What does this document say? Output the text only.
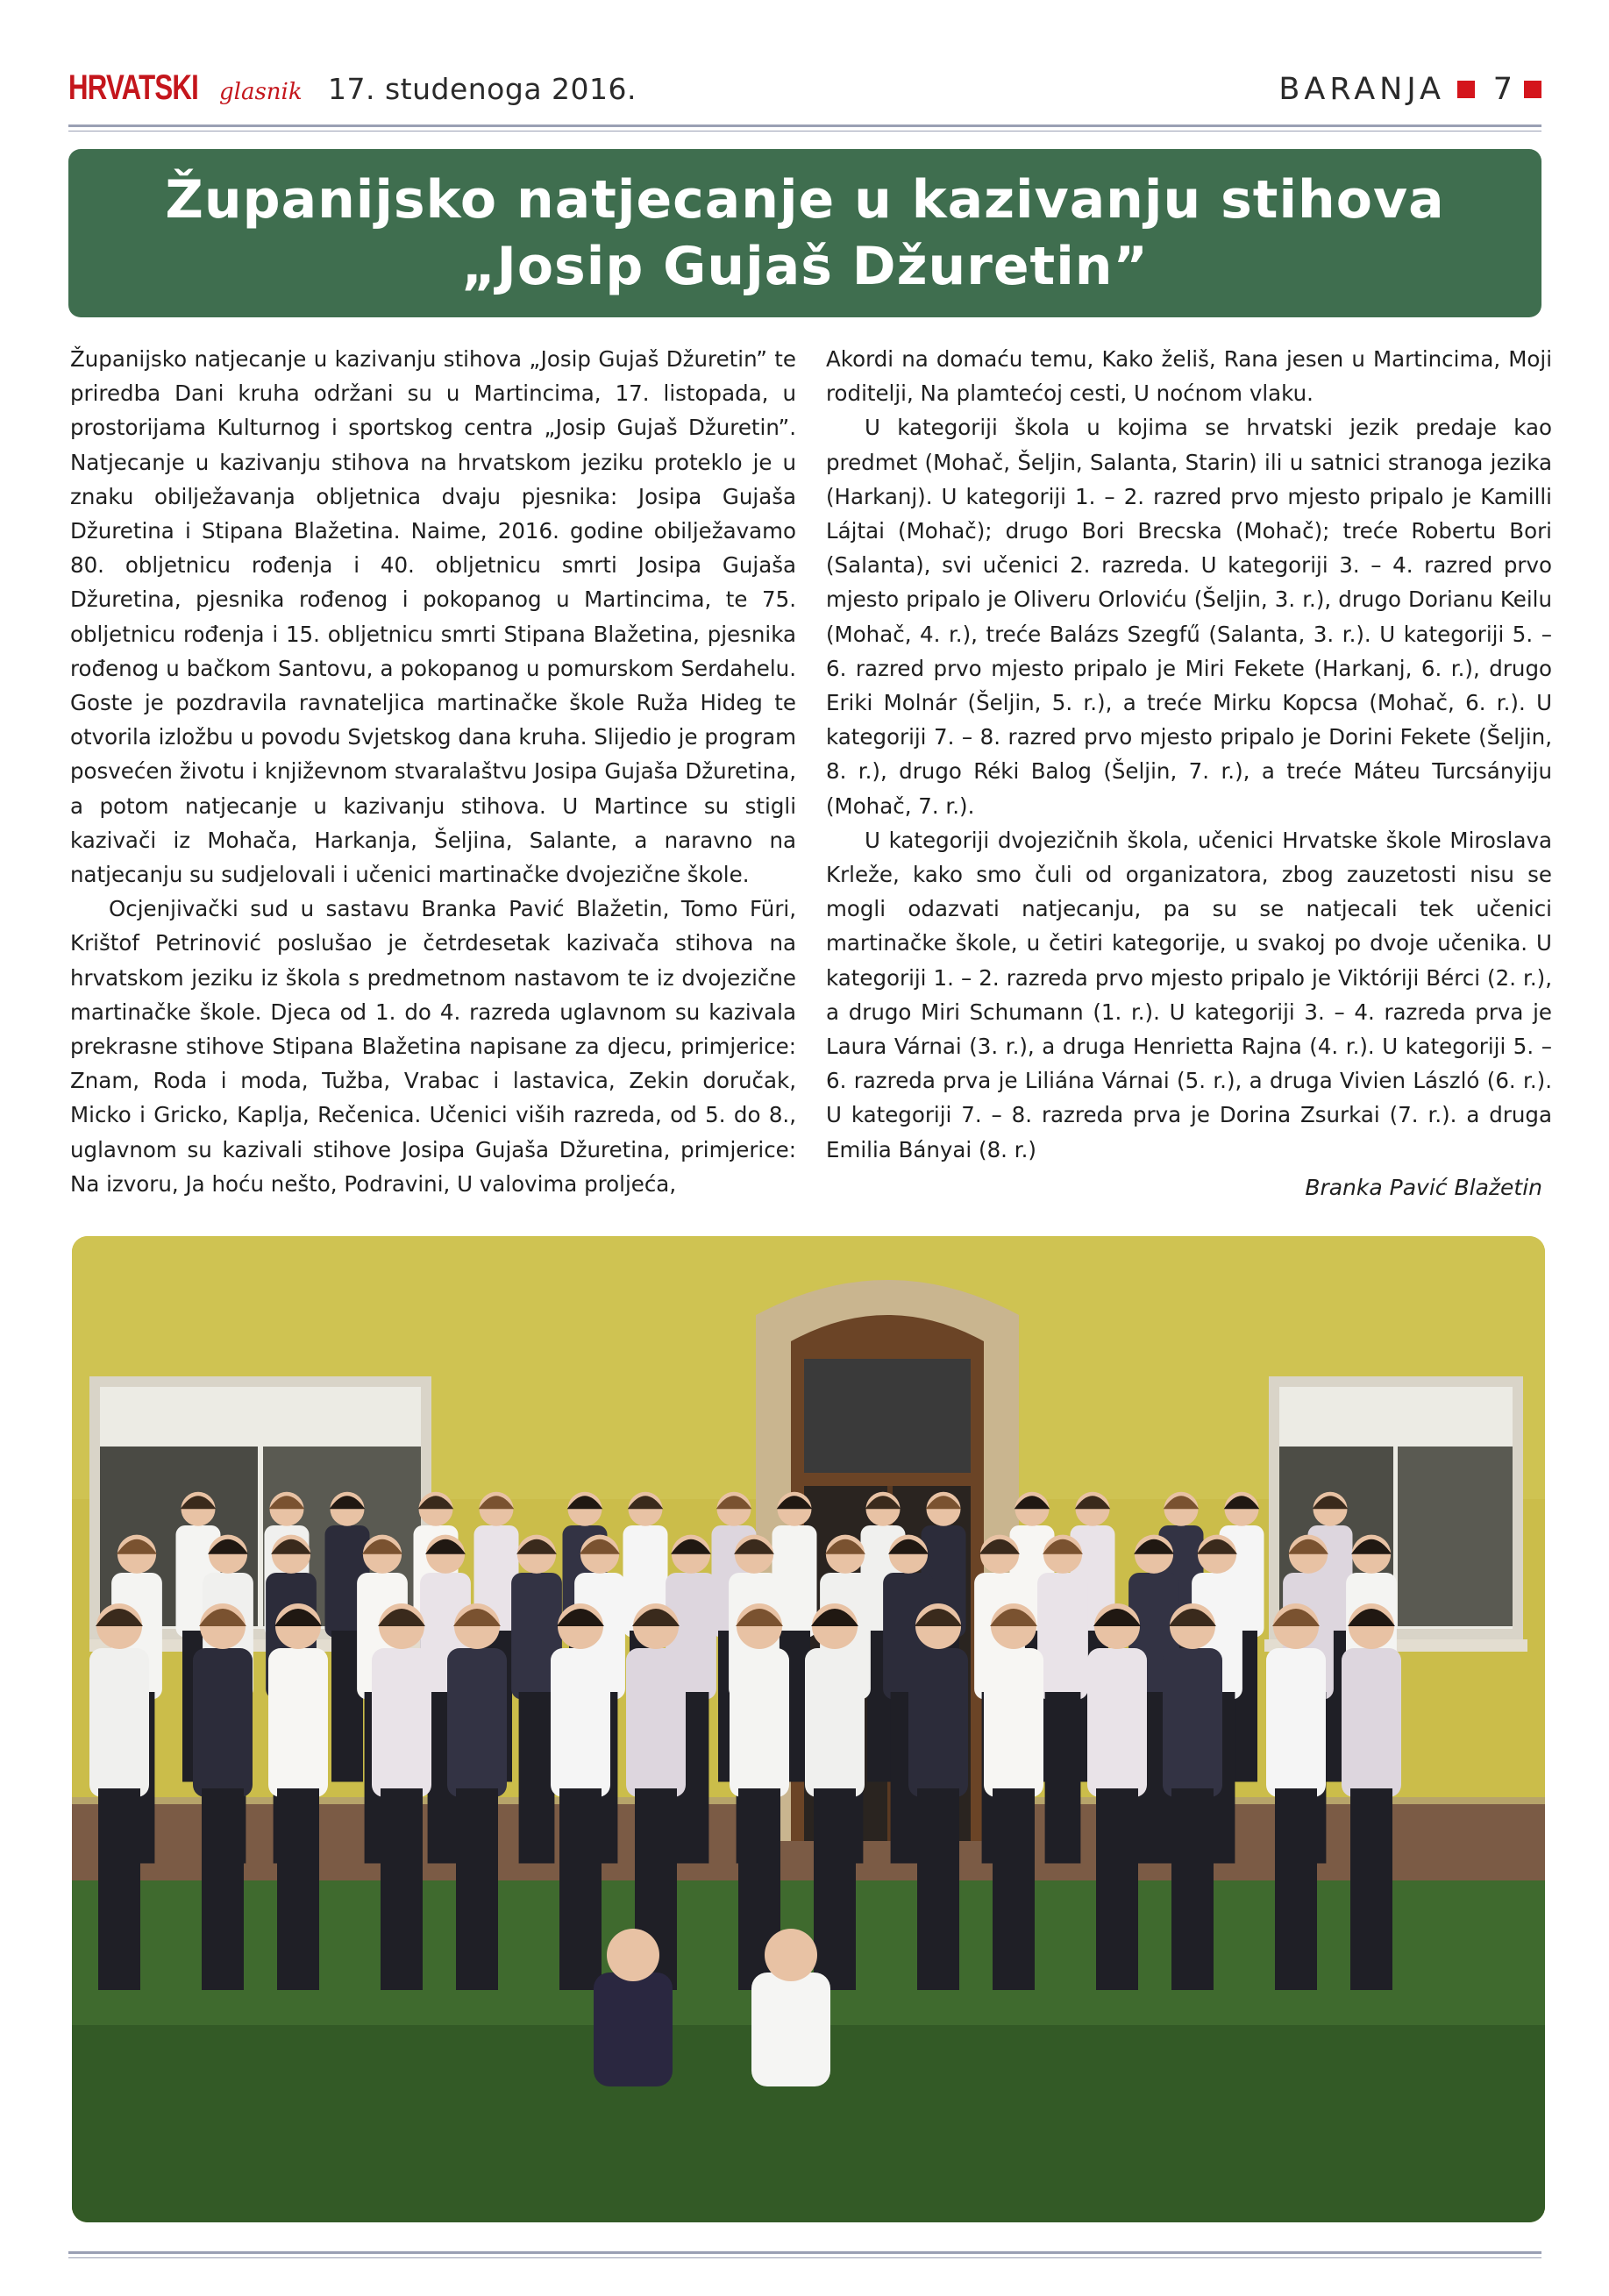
HRVATSKI glasnik 17. studenoga 2016.	BARANJA 7
Županijsko natjecanje u kazivanju stihova
„Josip Gujaš Džuretin”

Županijsko natjecanje u kazivanju stihova „Josip Gujaš Džuretin” te priredba Dani kruha održani su u Martincima, 17. listopada, u prostorijama Kulturnog i sportskog centra „Josip Gujaš Džuretin”. Natjecanje u kazivanju stihova na hrvatskom jeziku proteklo je u znaku obilježavanja obljetnica dvaju pjesnika: Josipa Gujaša Džuretina i Stipana Blažetina. Naime, 2016. godine obilježavamo 80. obljetnicu rođenja i 40. obljetnicu smrti Josipa Gujaša Džuretina, pjesnika rođenog i pokopanog u Martincima, te 75. obljetnicu rođenja i 15. obljetnicu smrti Stipana Blažetina, pjesnika rođenog u bačkom Santovu, a pokopanog u pomurskom Serdahelu. Goste je pozdravila ravnateljica martinačke škole Ruža Hideg te otvorila izložbu u povodu Svjetskog dana kruha. Slijedio je program posvećen životu i književnom stvaralaštvu Josipa Gujaša Džuretina, a potom natjecanje u kazivanju stihova. U Martince su stigli kazivači iz Mohača, Harkanja, Šeljina, Salante, a naravno na natjecanju su sudjelovali i učenici martinačke dvojezične škole.

Ocjenjivački sud u sastavu Branka Pavić Blažetin, Tomo Füri, Krištof Petrinović poslušao je četrdesetak kazivača stihova na hrvatskom jeziku iz škola s predmetnom nastavom te iz dvojezične martinačke škole. Djeca od 1. do 4. razreda uglavnom su kazivala prekrasne stihove Stipana Blažetina napisane za djecu, primjerice: Znam, Roda i moda, Tužba, Vrabac i lastavica, Zekin doručak, Micko i Gricko, Kaplja, Rečenica. Učenici viših razreda, od 5. do 8., uglavnom su kazivali stihove Josipa Gujaša Džuretina, primjerice: Na izvoru, Ja hoću nešto, Podravini, U valovima proljeća,

Akordi na domaću temu, Kako želiš, Rana jesen u Martincima, Moji roditelji, Na plamtećoj cesti, U noćnom vlaku.

U kategoriji škola u kojima se hrvatski jezik predaje kao predmet (Mohač, Šeljin, Salanta, Starin) ili u satnici stranoga jezika (Harkanj). U kategoriji 1. – 2. razred prvo mjesto pripalo je Kamilli Lájtai (Mohač); drugo Bori Brecska (Mohač); treće Robertu Bori (Salanta), svi učenici 2. razreda. U kategoriji 3. – 4. razred prvo mjesto pripalo je Oliveru Orloviću (Šeljin, 3. r.), drugo Dorianu Keilu (Mohač, 4. r.), treće Balázs Szegfű (Salanta, 3. r.). U kategoriji 5. – 6. razred prvo mjesto pripalo je Miri Fekete (Harkanj, 6. r.), drugo Eriki Molnár (Šeljin, 5. r.), a treće Mirku Kopcsa (Mohač, 6. r.). U kategoriji 7. – 8. razred prvo mjesto pripalo je Dorini Fekete (Šeljin, 8. r.), drugo Réki Balog (Šeljin, 7. r.), a treće Máteu Turcsányiju (Mohač, 7. r.).

U kategoriji dvojezičnih škola, učenici Hrvatske škole Miroslava Krleže, kako smo čuli od organizatora, zbog zauzetosti nisu se mogli odazvati natjecanju, pa su se natjecali tek učenici martinačke škole, u četiri kategorije, u svakoj po dvoje učenika. U kategoriji 1. – 2. razreda prvo mjesto pripalo je Viktóriji Bérci (2. r.), a drugo Miri Schumann (1. r.). U kategoriji 3. – 4. razreda prva je Laura Várnai (3. r.), a druga Henrietta Rajna (4. r.). U kategoriji 5. – 6. razreda prva je Liliána Várnai (5. r.), a druga Vivien László (6. r.). U kategoriji 7. – 8. razreda prva je Dorina Zsurkai (7. r.). a druga Emilia Bányai (8. r.)

Branka Pavić Blažetin
